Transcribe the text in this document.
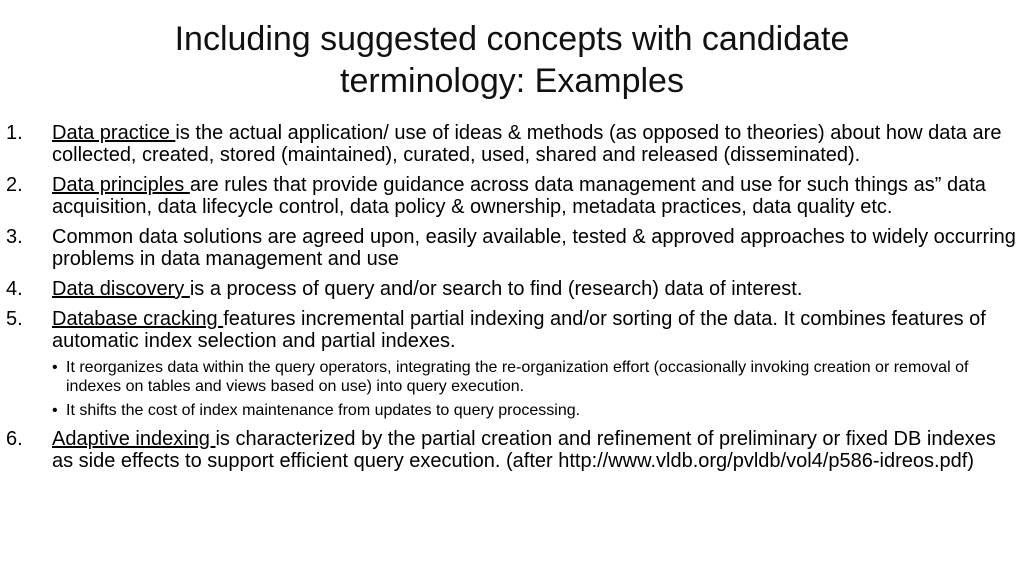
Including suggested concepts with candidate
terminology: Examples
1. Data practice is the actual application/ use of ideas & methods (as opposed to theories) about how data are collected, created, stored (maintained), curated, used, shared and released (disseminated).
2. Data principles are rules that provide guidance across data management and use for such things as” data acquisition, data lifecycle control, data policy & ownership, metadata practices, data quality etc.
3. Common data solutions are agreed upon, easily available, tested & approved approaches to widely occurring problems in data management and use
4. Data discovery is a process of query and/or search to find (research) data of interest.
5. Database cracking features incremental partial indexing and/or sorting of the data. It combines features of automatic index selection and partial indexes.
• It reorganizes data within the query operators, integrating the re-organization effort (occasionally invoking creation or removal of indexes on tables and views based on use) into query execution.
• It shifts the cost of index maintenance from updates to query processing.
6. Adaptive indexing is characterized by the partial creation and refinement of preliminary or fixed DB indexes as side effects to support efficient query execution. (after http://www.vldb.org/pvldb/vol4/p586-idreos.pdf)
